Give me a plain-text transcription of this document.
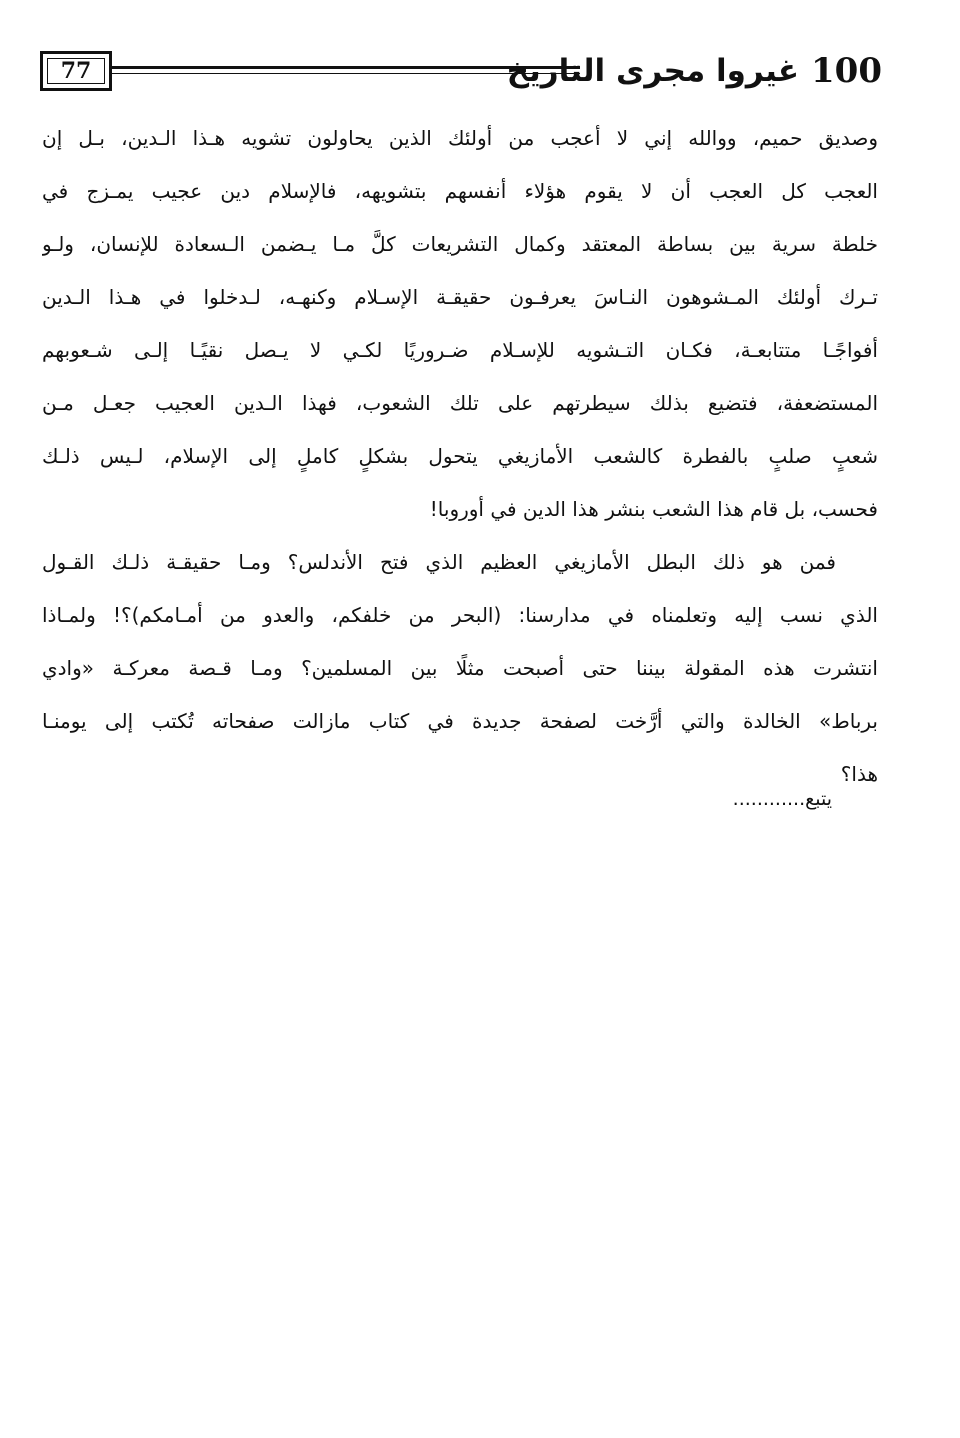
77	100
غيروا مجرى التاريخ
وصديق حميم، ووالله إني لا أعجب من أولئك الذين يحاولون تشويه هـذا الـدين، بـل إن
العجب كل العجب أن لا يقوم هؤلاء أنفسهم بتشويهه، فالإسلام دين عجيب يمـزج في
خلطة سرية بين بساطة المعتقد وكمال التشريعات كلَّ مـا يـضمن الـسعادة للإنسان، ولـو
تـرك أولئك المـشوهون النـاسَ يعرفـون حقيقـة الإسـلام وكنهـه، لـدخلوا في هـذا الـدين
أفواجًـا متتابعـة، فكـان التـشويه للإسـلام ضـروريًا لكـي لا يـصل نقيًـا إلـى شـعوبهم
المستضعفة، فتضيع بذلك سيطرتهم على تلك الشعوب، فهذا الـدين العجيب جعـل مـن
شعبٍ صلبٍ بالفطرة كالشعب الأمازيغي يتحول بشكلٍ كاملٍ إلى الإسلام، لـيس ذلـك
فحسب، بل قام هذا الشعب بنشر هذا الدين في أوروبا!
فمن هو ذلك البطل الأمازيغي العظيم الذي فتح الأندلس؟ ومـا حقيقـة ذلـك القـول
الذي نسب إليه وتعلمناه في مدارسنا: (البحر من خلفكم، والعدو من أمـامكم)؟! ولمـاذا
انتشرت هذه المقولة بيننا حتى أصبحت مثلًا بين المسلمين؟ ومـا قـصة معركـة «وادي
برباط» الخالدة والتي أرَّخت لصفحة جديدة في كتاب مازالت صفحاته تُكتب إلى يومنـا
هذا؟
يتبع............
